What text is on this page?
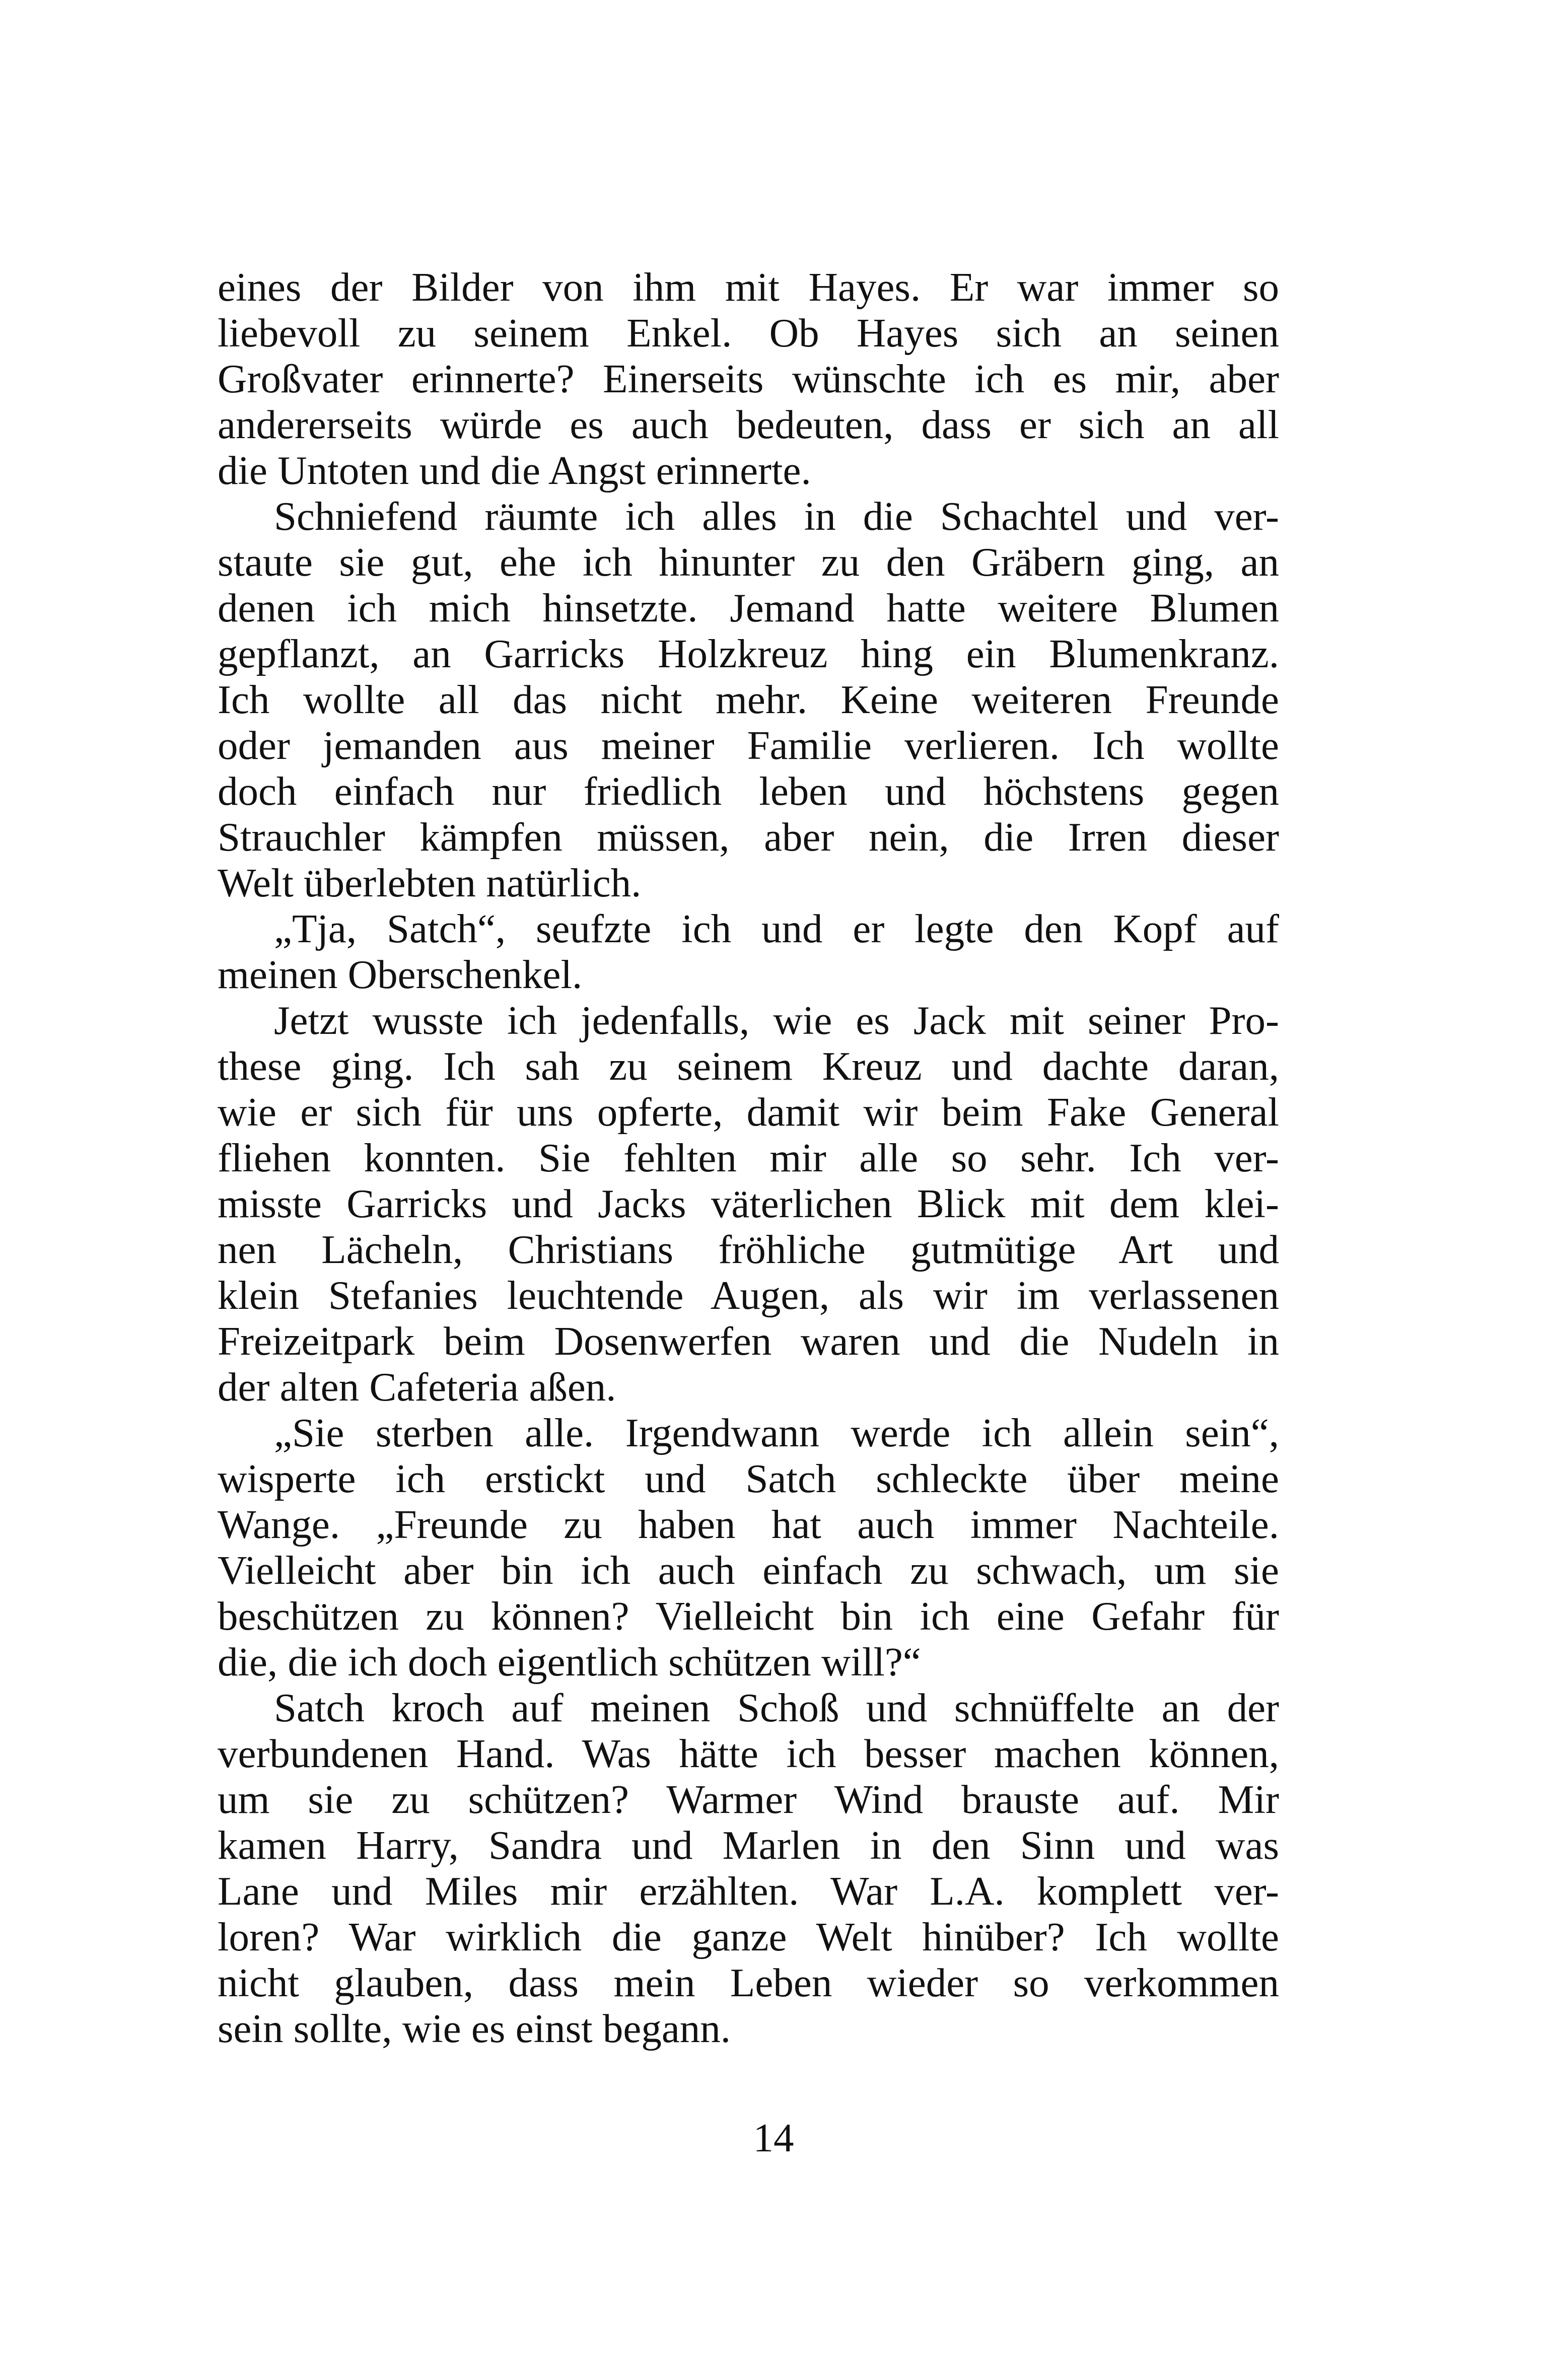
eines der Bilder von ihm mit Hayes. Er war immer so
liebevoll zu seinem Enkel. Ob Hayes sich an seinen
Großvater erinnerte? Einerseits wünschte ich es mir, aber
andererseits würde es auch bedeuten, dass er sich an all
die Untoten und die Angst erinnerte.
Schniefend räumte ich alles in die Schachtel und ver-
staute sie gut, ehe ich hinunter zu den Gräbern ging, an
denen ich mich hinsetzte. Jemand hatte weitere Blumen
gepflanzt, an Garricks Holzkreuz hing ein Blumenkranz.
Ich wollte all das nicht mehr. Keine weiteren Freunde
oder jemanden aus meiner Familie verlieren. Ich wollte
doch einfach nur friedlich leben und höchstens gegen
Strauchler kämpfen müssen, aber nein, die Irren dieser
Welt überlebten natürlich.
„Tja, Satch“, seufzte ich und er legte den Kopf auf
meinen Oberschenkel.
Jetzt wusste ich jedenfalls, wie es Jack mit seiner Pro-
these ging. Ich sah zu seinem Kreuz und dachte daran,
wie er sich für uns opferte, damit wir beim Fake General
fliehen konnten. Sie fehlten mir alle so sehr. Ich ver-
misste Garricks und Jacks väterlichen Blick mit dem klei-
nen Lächeln, Christians fröhliche gutmütige Art und
klein Stefanies leuchtende Augen, als wir im verlassenen
Freizeitpark beim Dosenwerfen waren und die Nudeln in
der alten Cafeteria aßen.
„Sie sterben alle. Irgendwann werde ich allein sein“,
wisperte ich erstickt und Satch schleckte über meine
Wange. „Freunde zu haben hat auch immer Nachteile.
Vielleicht aber bin ich auch einfach zu schwach, um sie
beschützen zu können? Vielleicht bin ich eine Gefahr für
die, die ich doch eigentlich schützen will?“
Satch kroch auf meinen Schoß und schnüffelte an der
verbundenen Hand. Was hätte ich besser machen können,
um sie zu schützen? Warmer Wind brauste auf. Mir
kamen Harry, Sandra und Marlen in den Sinn und was
Lane und Miles mir erzählten. War L.A. komplett ver-
loren? War wirklich die ganze Welt hinüber? Ich wollte
nicht glauben, dass mein Leben wieder so verkommen
sein sollte, wie es einst begann.
14
